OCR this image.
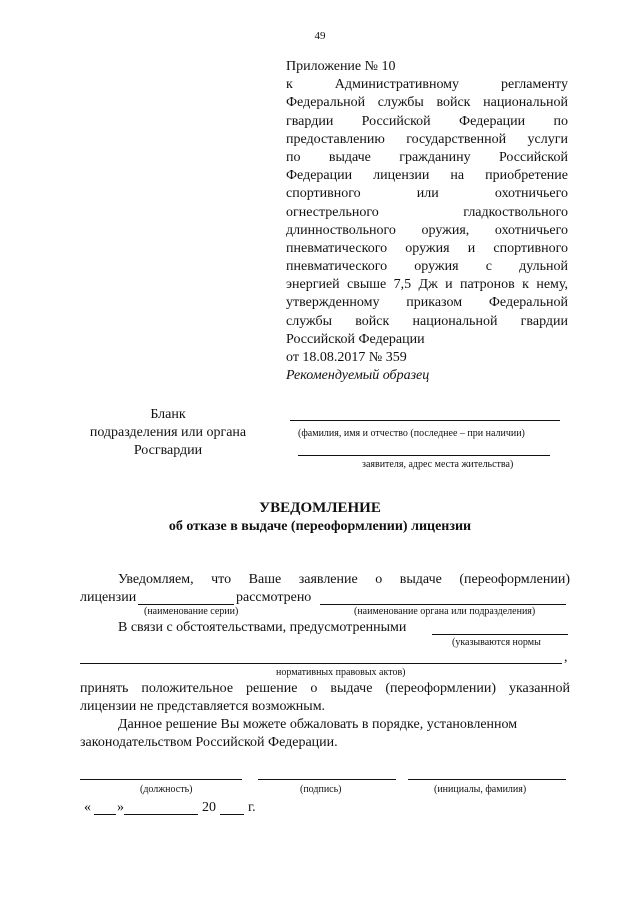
49
Приложение № 10
к Административному регламенту
Федеральной службы войск национальной
гвардии Российской Федерации по
предоставлению государственной услуги
по выдаче гражданину Российской
Федерации лицензии на приобретение
спортивного или охотничьего
огнестрельного гладкоствольного
длинноствольного оружия, охотничьего
пневматического оружия и спортивного
пневматического оружия с дульной
энергией свыше 7,5 Дж и патронов к нему,
утвержденному приказом Федеральной
службы войск национальной гвардии
Российской Федерации
от 18.08.2017 № 359
Рекомендуемый образец
Бланк
подразделения или органа
Росгвардии
(фамилия, имя и отчество (последнее – при наличии)
заявителя, адрес места жительства)
УВЕДОМЛЕНИЕ
об отказе в выдаче (переоформлении) лицензии
Уведомляем, что Ваше заявление о выдаче (переоформлении)
лицензии	рассмотрено
(наименование серии)	(наименование органа или подразделения)
В связи с обстоятельствами, предусмотренными
(указываются нормы
,
нормативных правовых актов)
принять положительное решение о выдаче (переоформлении) указанной
лицензии не представляется возможным.
Данное решение Вы можете обжаловать в порядке, установленном
законодательством Российской Федерации.
(должность)	(подпись)	(инициалы, фамилия)
« »	20 г.
